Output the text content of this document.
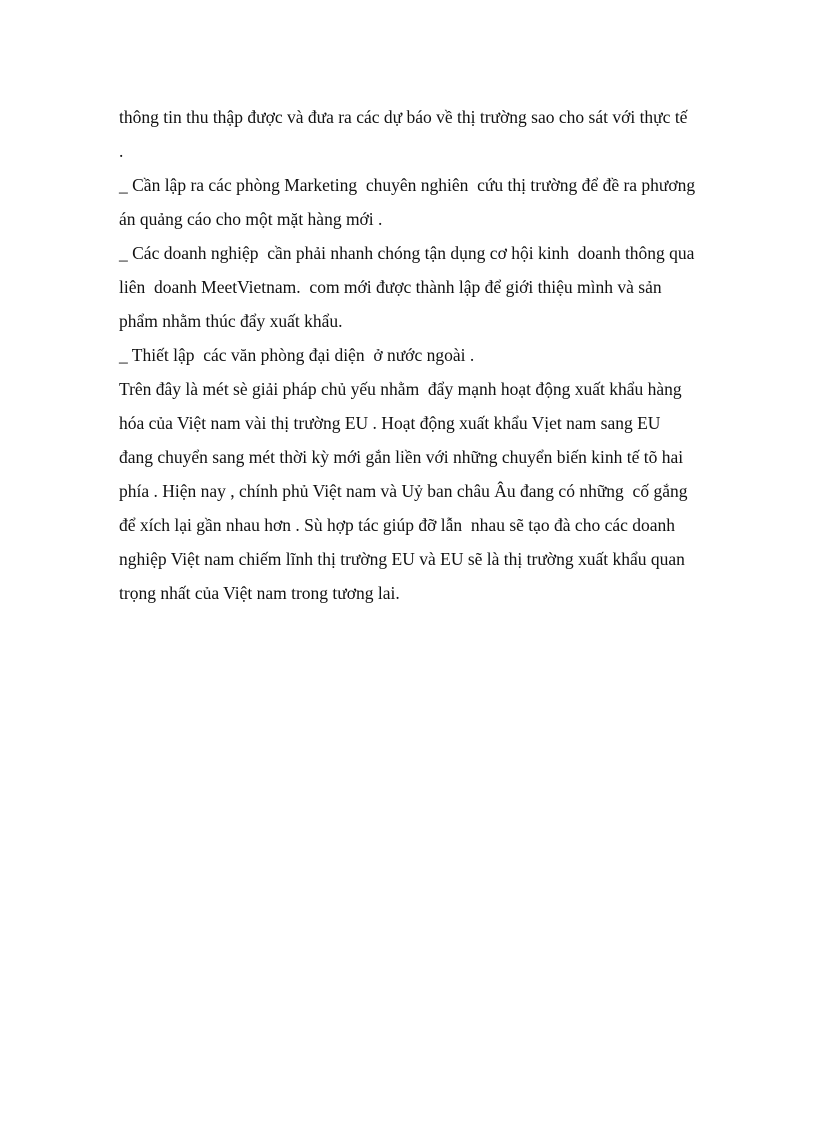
thông tin thu thập được và đưa ra các dự báo về thị trường sao cho sát với thực tế
.
_ Cần lập ra các phòng Marketing  chuyên nghiên  cứu thị trường để đề ra phương
án quảng cáo cho một mặt hàng mới .
_ Các doanh nghiệp  cần phải nhanh chóng tận dụng cơ hội kinh  doanh thông qua
liên  doanh MeetVietnam.  com mới được thành lập để giới thiệu mình và sản
phẩm nhằm thúc đẩy xuất khẩu.
_ Thiết lập  các văn phòng đại diện  ở nước ngoài .
Trên đây là mét sè giải pháp chủ yếu nhằm  đẩy mạnh hoạt động xuất khẩu hàng
hóa của Việt nam vài thị trường EU . Hoạt động xuất khẩu Vịet nam sang EU
đang chuyển sang mét thời kỳ mới gắn liền với những chuyển biến kinh tế tõ hai
phía . Hiện nay , chính phủ Việt nam và Uỷ ban châu Âu đang có những  cố gắng
để xích lại gần nhau hơn . Sù hợp tác giúp đỡ lẫn  nhau sẽ tạo đà cho các doanh
nghiệp Việt nam chiếm lĩnh thị trường EU và EU sẽ là thị trường xuất khẩu quan
trọng nhất của Việt nam trong tương lai.
